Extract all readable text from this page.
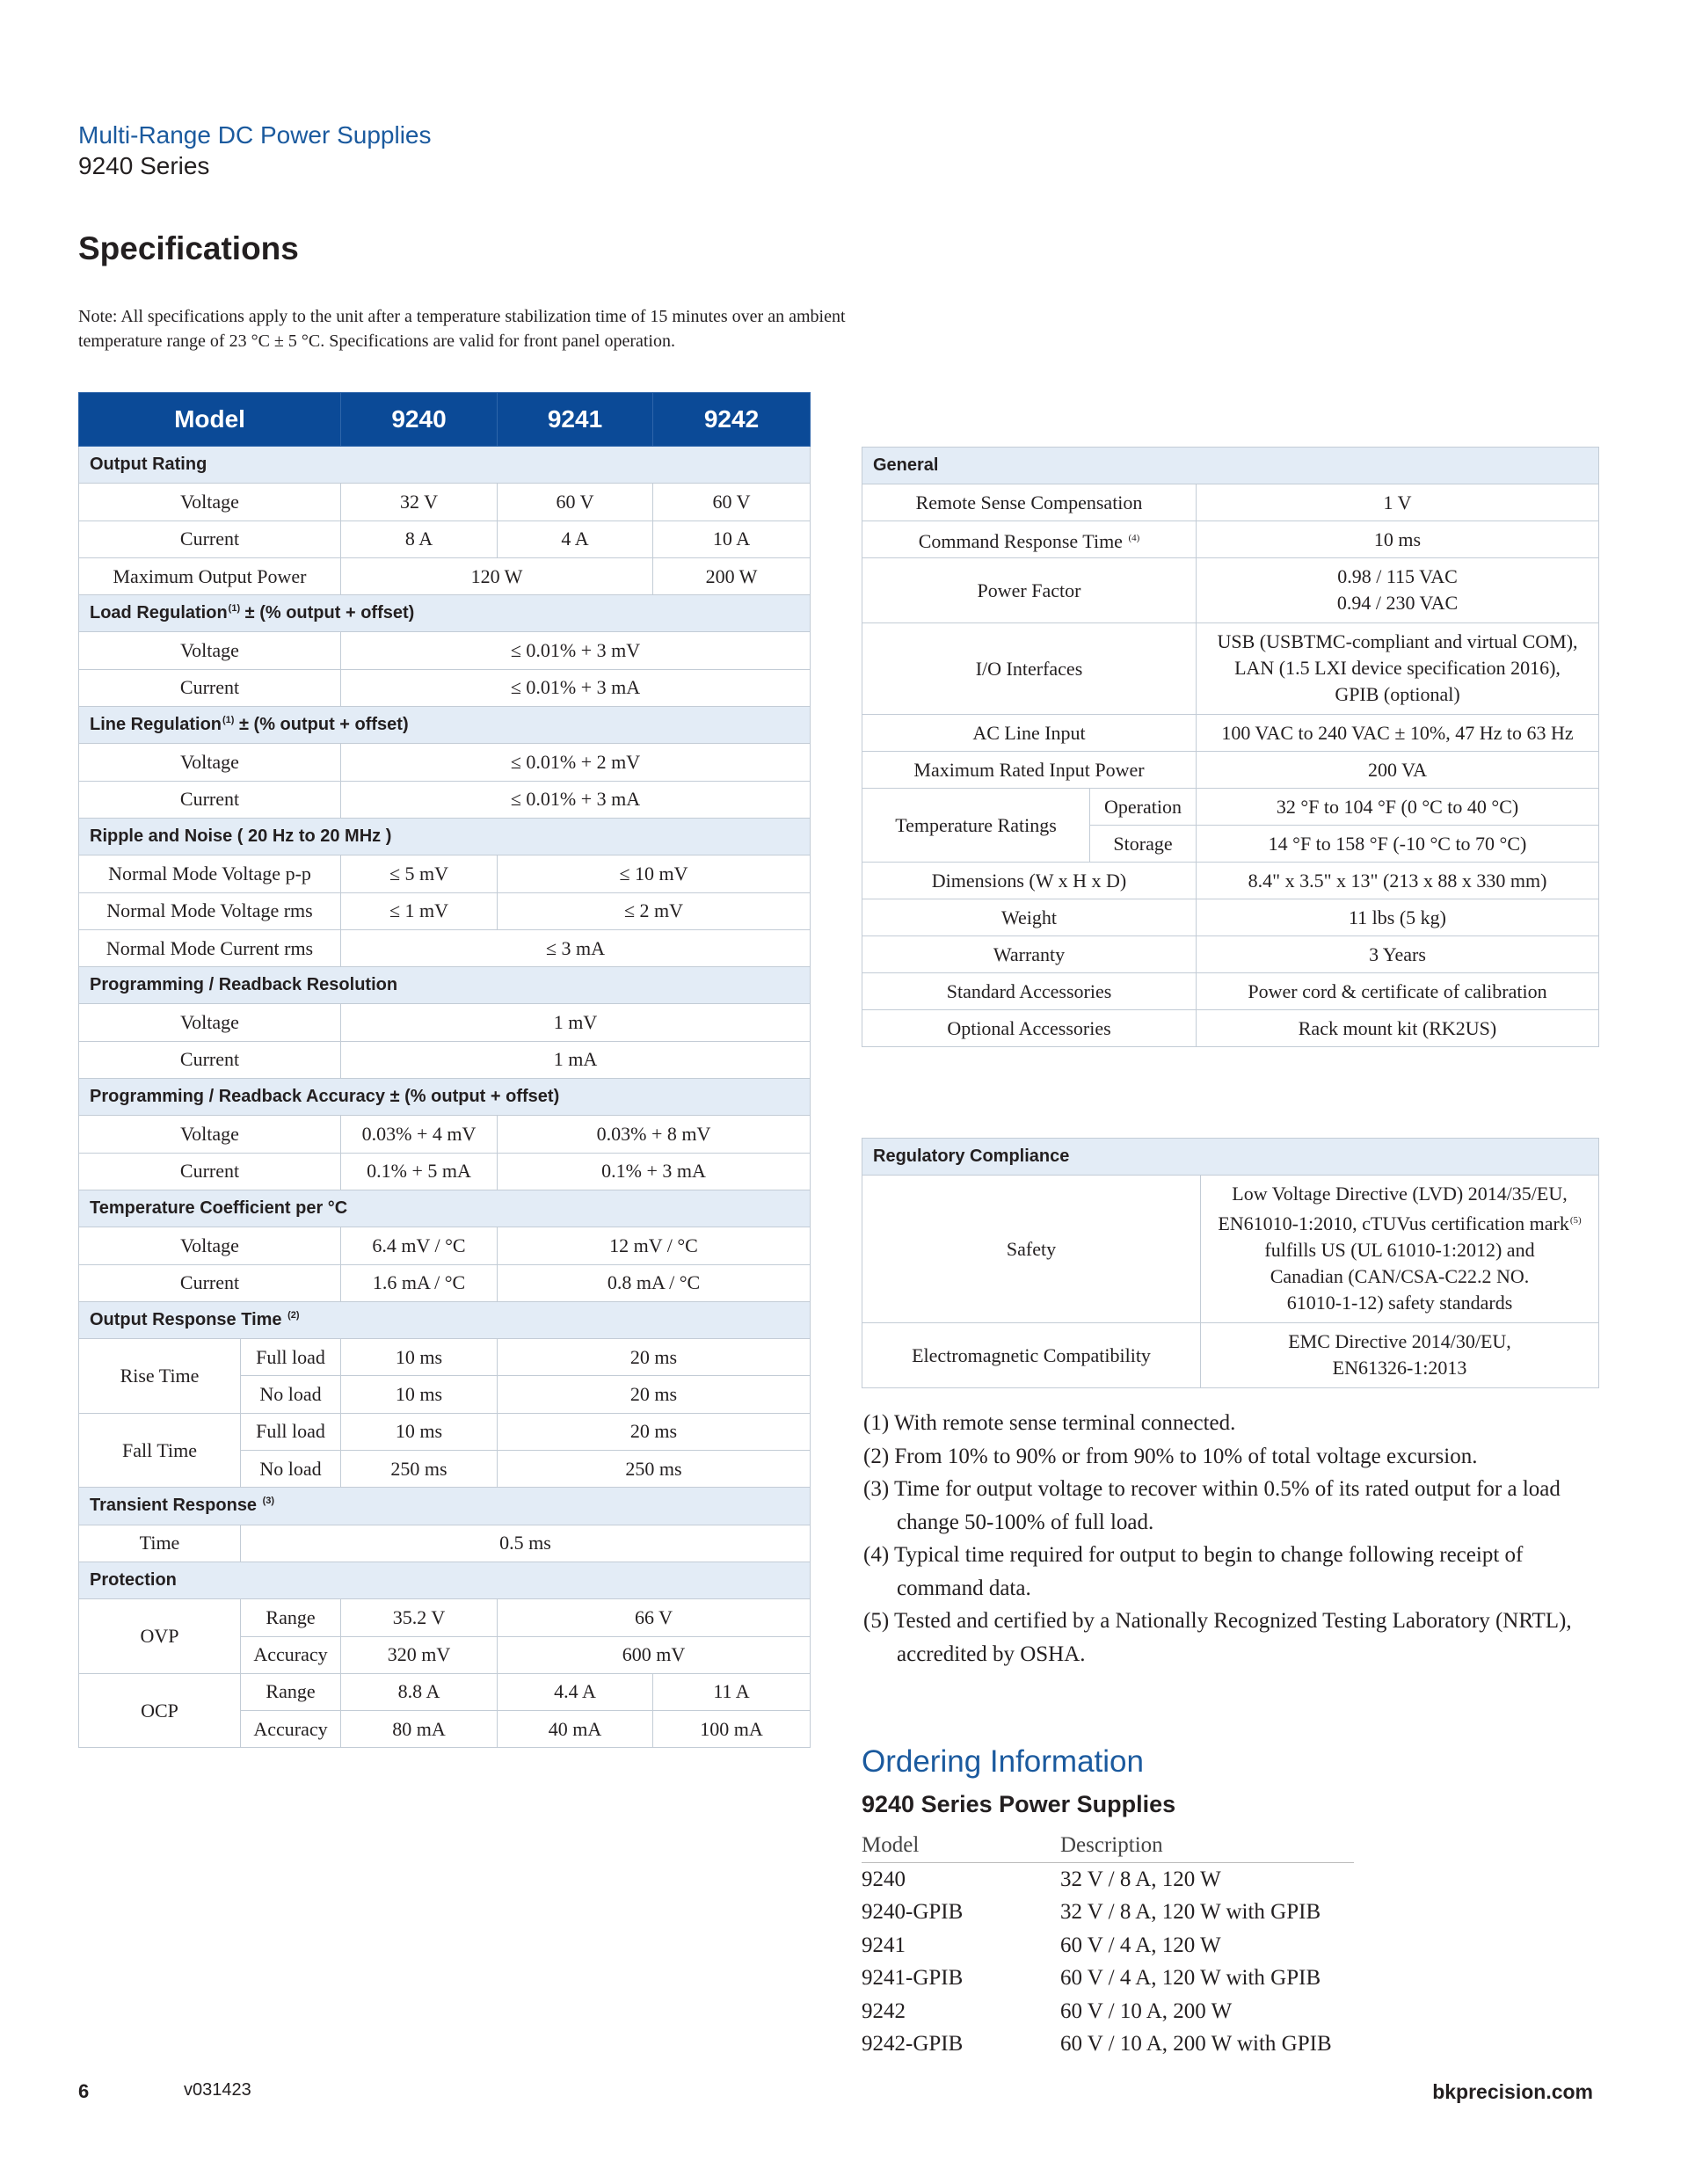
Multi-Range DC Power Supplies
9240 Series
Specifications
Note: All specifications apply to the unit after a temperature stabilization time of 15 minutes over an ambient temperature range of 23 °C ± 5 °C. Specifications are valid for front panel operation.
Model		9240	9241	9242
Output Rating				
Voltage		32 V	60 V	60 V
Current		8 A	4 A	10 A
Maximum Output Power		120 W		200 W
Load Regulation$^{(1)}$ ± (% output + offset)				
Voltage		≤ 0.01% + 3 mV		
Current		≤ 0.01% + 3 mA		
Line Regulation$^{(1)}$ ± (% output + offset)				
Voltage		≤ 0.01% + 2 mV		
Current		≤ 0.01% + 3 mA		
Ripple and Noise ( 20 Hz to 20 MHz )				
Normal Mode Voltage p-p		≤ 5 mV	≤ 10 mV	
Normal Mode Voltage rms		≤ 1 mV	≤ 2 mV	
Normal Mode Current rms		≤ 3 mA		
Programming / Readback Resolution				
Voltage		1 mV		
Current		1 mA		
Programming / Readback Accuracy ± (% output + offset)				
Voltage		0.03% + 4 mV	0.03% + 8 mV	
Current		0.1% + 5 mA	0.1% + 3 mA	
Temperature Coefficient per °C				
Voltage		6.4 mV / °C	12 mV / °C	
Current		1.6 mA / °C	0.8 mA / °C	
Output Response Time $^{(2)}$
Rise Time	Full load	10 ms	20 ms	
	No load	10 ms	20 ms	
Fall Time	Full load	10 ms	20 ms	
	No load	250 ms	250 ms	
Transient Response $^{(3)}$
Time	0.5 ms			
Protection				
OVP	Range	35.2 V	66 V	
	Accuracy	320 mV	600 mV	
OCP	Range	8.8 A	4.4 A	11 A
	Accuracy	80 mA	40 mA	100 mA
General		
Remote Sense Compensation		1 V
Command Response Time $^{(4)}$		10 ms
Power Factor		0.98 / 115 VAC
0.94 / 230 VAC
I/O Interfaces		USB (USBTMC-compliant and virtual COM),
LAN (1.5 LXI device specification 2016),
GPIB (optional)
AC Line Input		100 VAC to 240 VAC ± 10%, 47 Hz to 63 Hz
Maximum Rated Input Power		200 VA
Temperature Ratings	Operation	32 °F to 104 °F (0 °C to 40 °C)
	Storage	14 °F to 158 °F (-10 °C to 70 °C)
Dimensions (W x H x D)		8.4" x 3.5" x 13" (213 x 88 x 330 mm)
Weight		11 lbs (5 kg)
Warranty		3 Years
Standard Accessories		Power cord & certificate of calibration
Optional Accessories		Rack mount kit (RK2US)
Regulatory Compliance	
Safety	Low Voltage Directive (LVD) 2014/35/EU,
EN61010-1:2010, cTUVus certification mark$^{(5)}$
fulfills US (UL 61010-1:2012) and
Canadian (CAN/CSA-C22.2 NO.
61010-1-12) safety standards
Electromagnetic Compatibility	EMC Directive 2014/30/EU,
EN61326-1:2013
(1) With remote sense terminal connected.
(2) From 10% to 90% or from 90% to 10% of total voltage excursion.
(3) Time for output voltage to recover within 0.5% of its rated output for a load change 50-100% of full load.
(4) Typical time required for output to begin to change following receipt of command data.
(5) Tested and certified by a Nationally Recognized Testing Laboratory (NRTL), accredited by OSHA.
Ordering Information
9240 Series Power Supplies
Model	Description
9240	32 V / 8 A, 120 W
9240-GPIB	32 V / 8 A, 120 W with GPIB
9241	60 V / 4 A, 120 W
9241-GPIB	60 V / 4 A, 120 W with GPIB
9242	60 V / 10 A, 200 W
9242-GPIB	60 V / 10 A, 200 W with GPIB
6	v031423	bkprecision.com
